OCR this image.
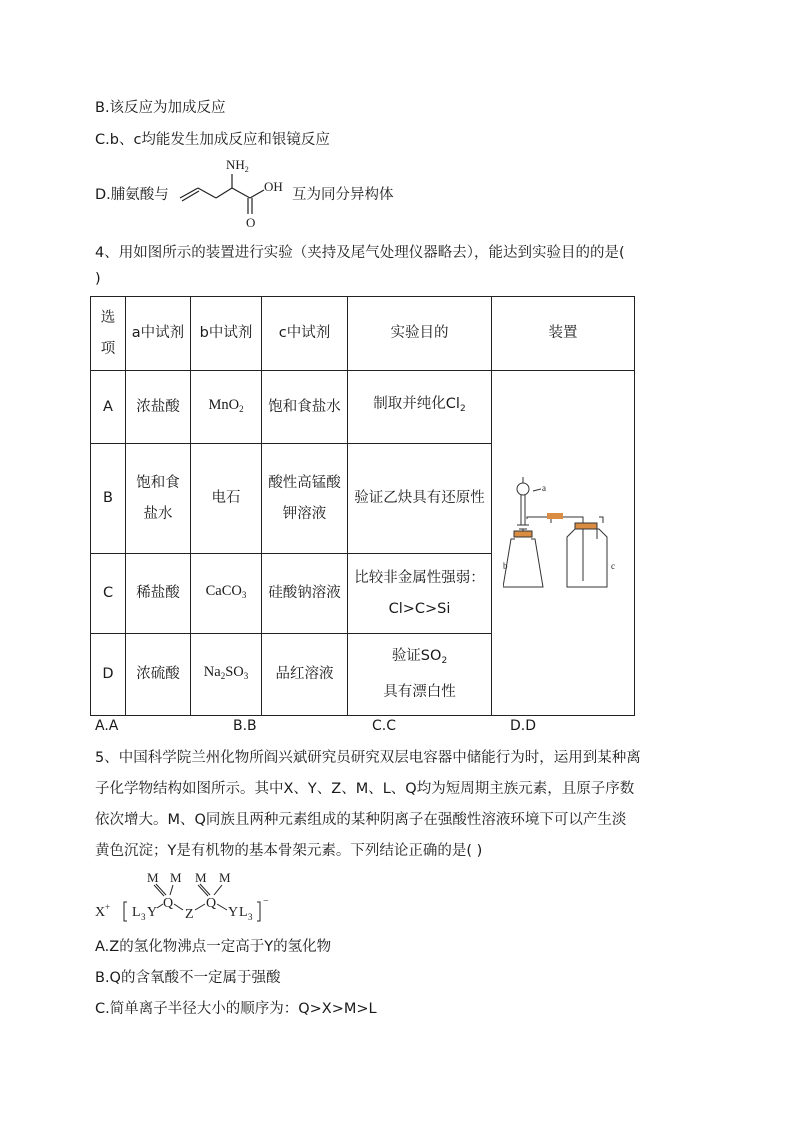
B.该反应为加成反应
C.b、c均能发生加成反应和银镜反应
D.脯氨酸与	互为同分异构体
$NH_2$
OH
O
4、用如图所示的装置进行实验（夹持及尾气处理仪器略去），能达到实验目的的是(
)
选项	a中试剂	b中试剂	c中试剂	实验目的	装置
A	浓盐酸	MnO$_2$	饱和食盐水	制取并纯化$Cl_2$	a
b c

B	饱和食盐水	电石	酸性高锰酸钾溶液	验证乙炔具有还原性	
C	稀盐酸	CaCO$_3$	硅酸钠溶液	比较非金属性强弱：Cl>C>Si	
D	浓硫酸	$Na_2SO_3$	品红溶液	验证$SO_2$
具有漂白性	
A.A	B.B	C.C	D.D
5、中国科学院兰州化物所阎兴斌研究员研究双层电容器中储能行为时，运用到某种离
子化学物结构如图所示。其中X、Y、Z、M、L、Q均为短周期主族元素，且原子序数
依次增大。M、Q同族且两种元素组成的某种阴离子在强酸性溶液环境下可以产生淡
黄色沉淀；Y是有机物的基本骨架元素。下列结论正确的是( )
X + L 3 Y
Q
Z
Q
Y L 3
−
M M M M
A.Z的氢化物沸点一定高于Y的氢化物
B.Q的含氧酸不一定属于强酸
C.简单离子半径大小的顺序为：Q>X>M>L
